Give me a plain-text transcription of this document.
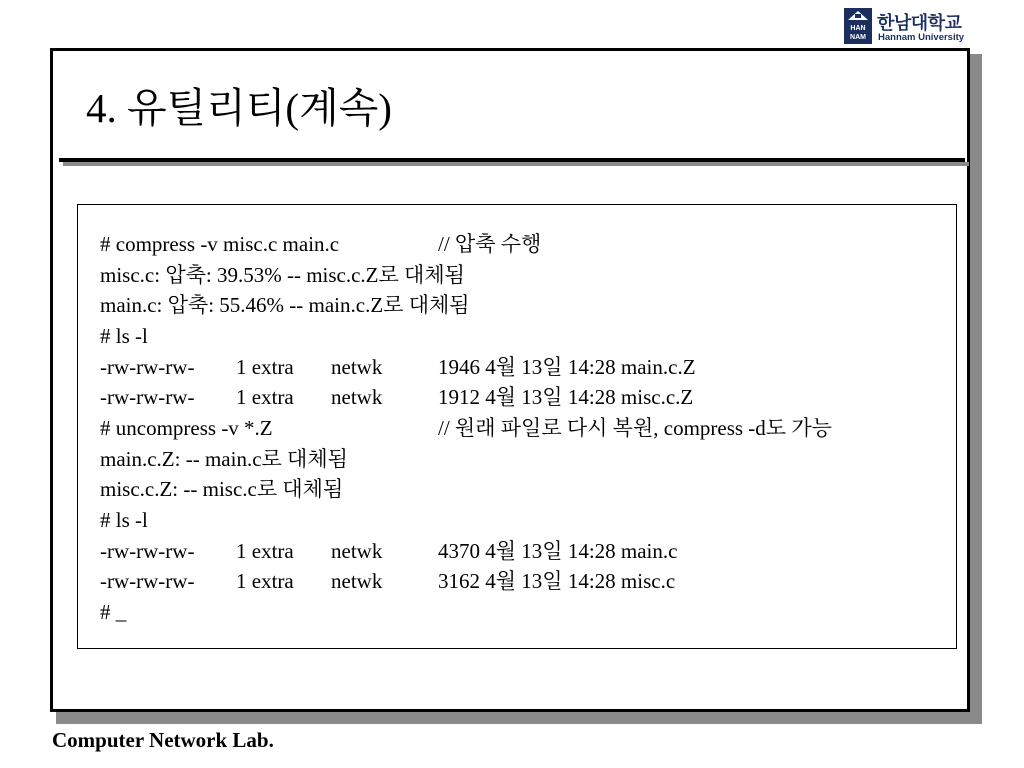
HAN
NAM
한남대학교
Hannam University
4. 유틸리티(계속)
# compress -v misc.c main.c	// 압축 수행
misc.c: 압축: 39.53% -- misc.c.Z로 대체됨
main.c: 압축: 55.46% -- main.c.Z로 대체됨
# ls -l
-rw-rw-rw- 1 extra netwk	1946 4월 13일 14:28 main.c.Z
-rw-rw-rw- 1 extra netwk	1912 4월 13일 14:28 misc.c.Z
# uncompress -v *.Z	// 원래 파일로 다시 복원, compress -d도 가능
main.c.Z: -- main.c로 대체됨
misc.c.Z: -- misc.c로 대체됨
# ls -l
-rw-rw-rw- 1 extra netwk	4370 4월 13일 14:28 main.c
-rw-rw-rw- 1 extra netwk	3162 4월 13일 14:28 misc.c
# _
Computer Network Lab.
